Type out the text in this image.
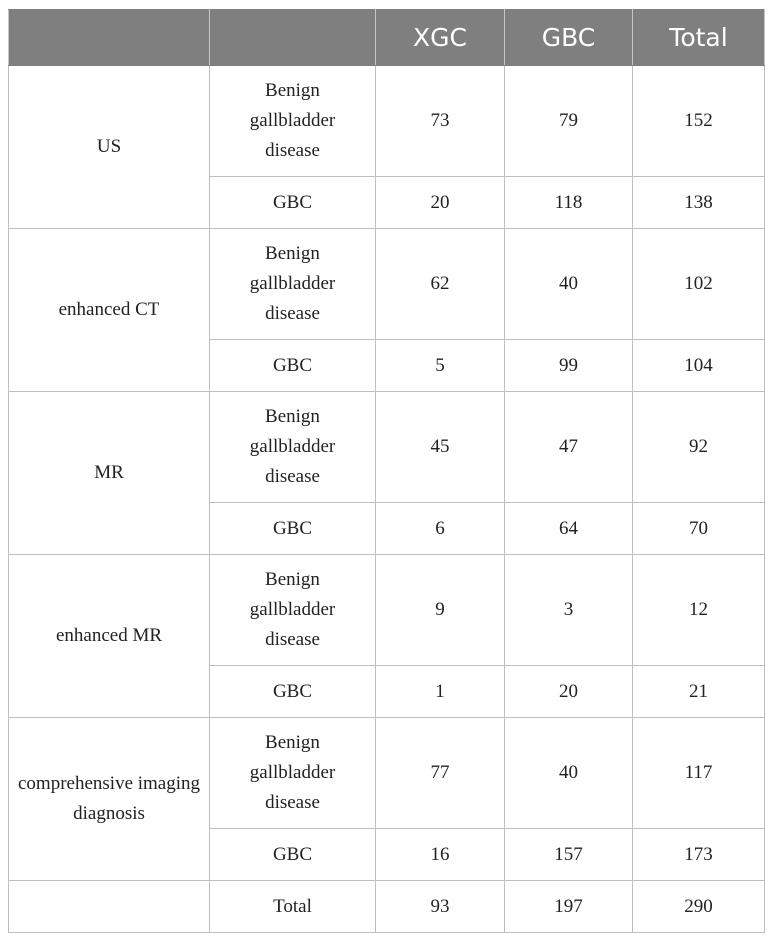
		XGC	GBC	Total
US	Benign gallbladder disease	73	79	152
	GBC	20	118	138
enhanced CT	Benign gallbladder disease	62	40	102
	GBC	5	99	104
MR	Benign gallbladder disease	45	47	92
	GBC	6	64	70
enhanced MR	Benign gallbladder disease	9	3	12
	GBC	1	20	21
comprehensive imaging diagnosis	Benign gallbladder disease	77	40	117
	GBC	16	157	173
	Total	93	197	290
